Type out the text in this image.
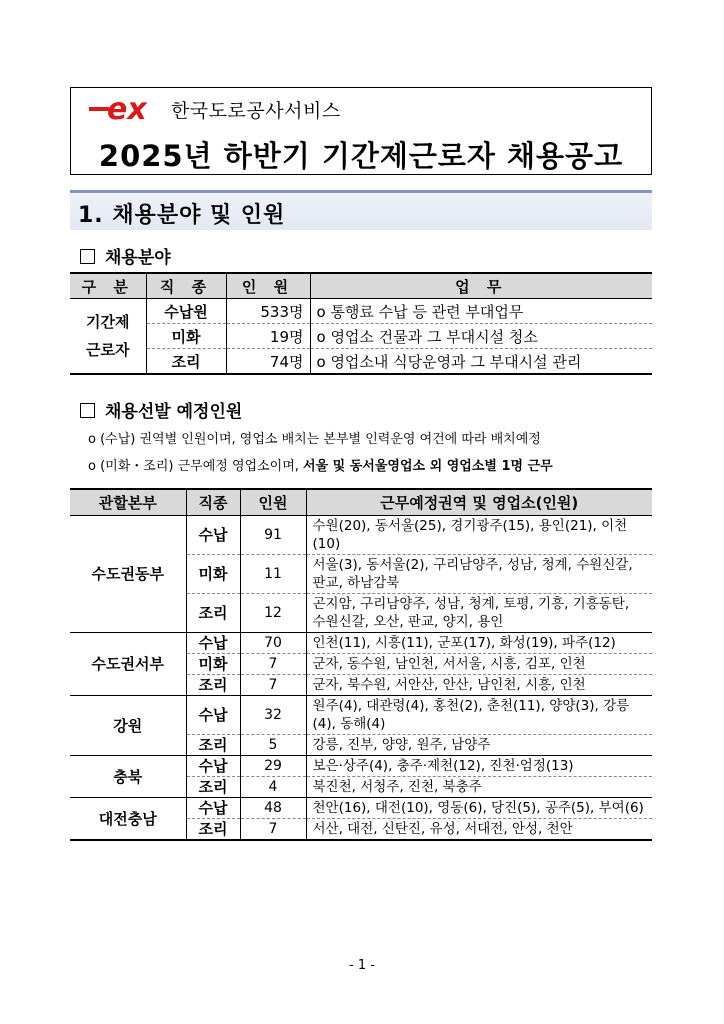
ex 한국도로공사서비스
2025년 하반기 기간제근로자 채용공고
1. 채용분야 및 인원
채용분야
구 분	직 종	인 원	업 무
기간제
근로자	수납원	533명	o 통행료 수납 등 관련 부대업무
	미화	19명	o 영업소 건물과 그 부대시설 청소
	조리	74명	o 영업소내 식당운영과 그 부대시설 관리
채용선발 예정인원
o (수납) 권역별 인원이며, 영업소 배치는 본부별 인력운영 여건에 따라 배치예정
o (미화・조리) 근무예정 영업소이며, 서울 및 동서울영업소 외 영업소별 1명 근무
관할본부	직종	인원	근무예정권역 및 영업소(인원)
수도권동부	수납	91	수원(20), 동서울(25), 경기광주(15), 용인(21), 이천(10)
	미화	11	서울(3), 동서울(2), 구리남양주, 성남, 청계, 수원신갈, 판교, 하남감북
	조리	12	곤지암, 구리남양주, 성남, 청계, 토평, 기흥, 기흥동탄, 수원신갈, 오산, 판교, 양지, 용인
수도권서부	수납	70	인천(11), 시흥(11), 군포(17), 화성(19), 파주(12)
	미화	7	군자, 동수원, 남인천, 서서울, 시흥, 김포, 인천
	조리	7	군자, 북수원, 서안산, 안산, 남인천, 시흥, 인천
강원	수납	32	원주(4), 대관령(4), 홍천(2), 춘천(11), 양양(3), 강릉(4), 동해(4)
	조리	5	강릉, 진부, 양양, 원주, 남양주
충북	수납	29	보은·상주(4), 충주·제천(12), 진천·엄정(13)
	조리	4	북진천, 서청주, 진천, 북충주
대전충남	수납	48	천안(16), 대전(10), 영동(6), 당진(5), 공주(5), 부여(6)
	조리	7	서산, 대전, 신탄진, 유성, 서대전, 안성, 천안
- 1 -
